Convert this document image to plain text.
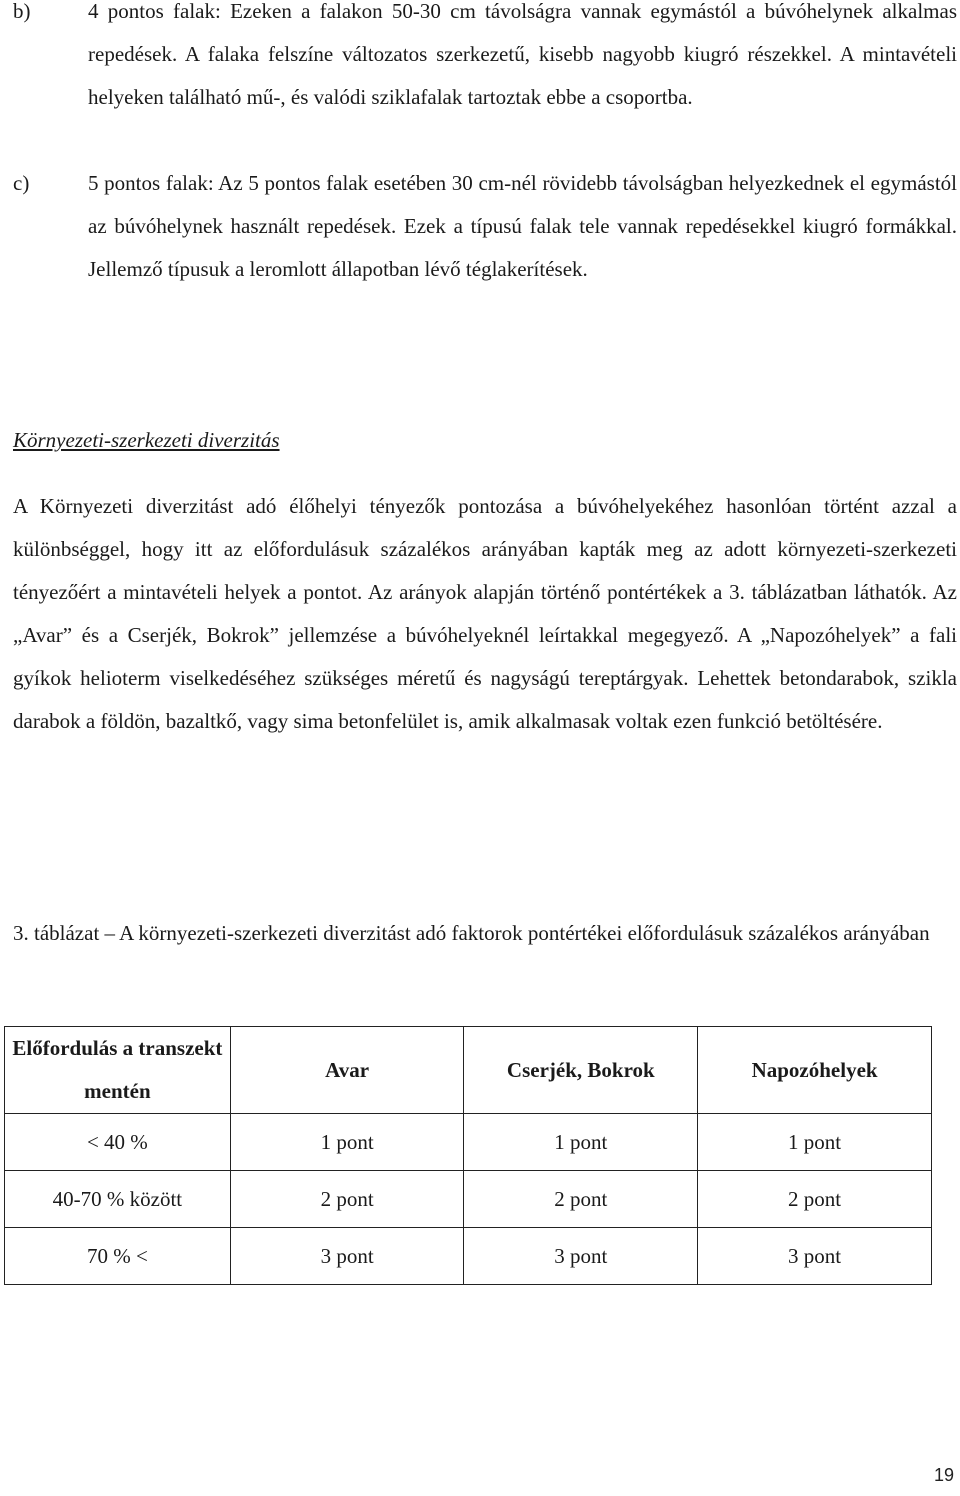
b)	4 pontos falak: Ezeken a falakon 50-30 cm távolságra vannak egymástól a búvóhelynek alkalmas repedések. A falaka felszíne változatos szerkezetű, kisebb nagyobb kiugró részekkel. A mintavételi helyeken található mű-, és valódi sziklafalak tartoztak ebbe a csoportba.
c)	5 pontos falak: Az 5 pontos falak esetében 30 cm-nél rövidebb távolságban helyezkednek el egymástól az búvóhelynek használt repedések. Ezek a típusú falak tele vannak repedésekkel kiugró formákkal. Jellemző típusuk a leromlott állapotban lévő téglakerítések.

Környezeti-szerkezeti diverzitás

A Környezeti diverzitást adó élőhelyi tényezők pontozása a búvóhelyekéhez hasonlóan történt azzal a különbséggel, hogy itt az előfordulásuk százalékos arányában kapták meg az adott környezeti-szerkezeti tényezőért a mintavételi helyek a pontot. Az arányok alapján történő pontértékek a 3. táblázatban láthatók. Az „Avar” és a Cserjék, Bokrok” jellemzése a búvóhelyeknél leírtakkal megegyező. A „Napozóhelyek” a fali gyíkok helioterm viselkedéséhez szükséges méretű és nagyságú tereptárgyak. Lehettek betondarabok, szikla darabok a földön, bazaltkő, vagy sima betonfelület is, amik alkalmasak voltak ezen funkció betöltésére.

3. táblázat – A környezeti-szerkezeti diverzitást adó faktorok pontértékei előfordulásuk százalékos arányában

Előfordulás a transzekt mentén	Avar	Cserjék, Bokrok	Napozóhelyek
< 40 %	1 pont	1 pont	1 pont
40-70 % között	2 pont	2 pont	2 pont
70 % <	3 pont	3 pont	3 pont
19
